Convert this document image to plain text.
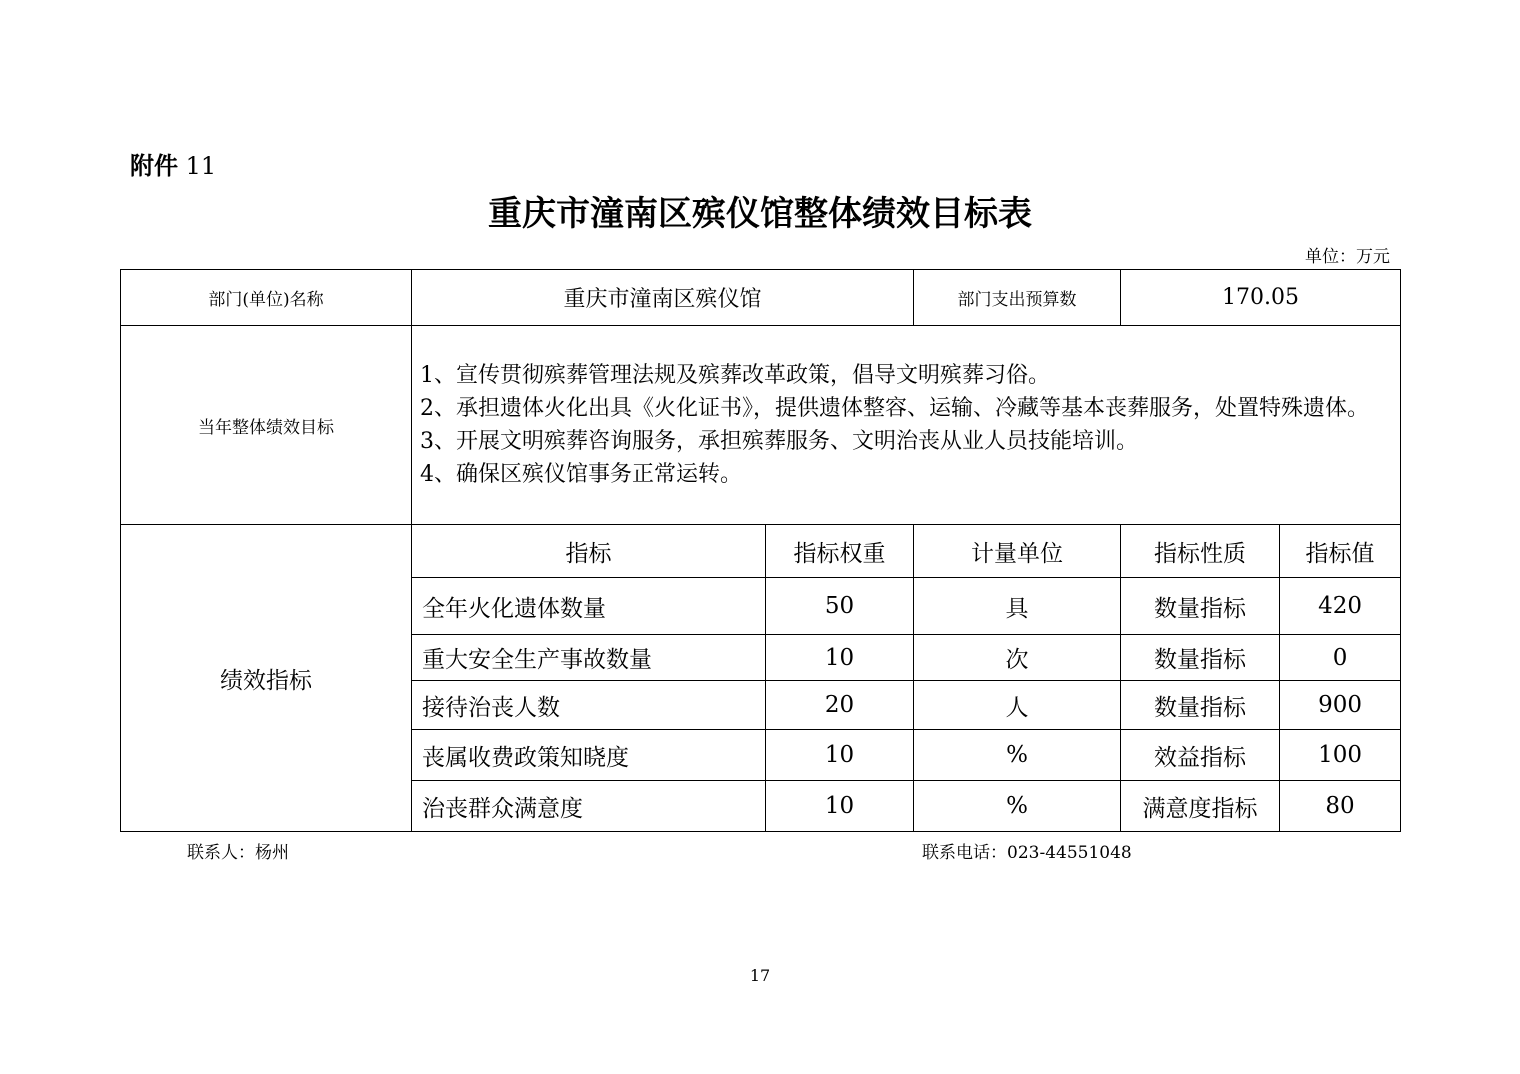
附件 11
重庆市潼南区殡仪馆整体绩效目标表
单位：万元
部门(单位)名称	重庆市潼南区殡仪馆		部门支出预算数	170.05	
当年整体绩效目标	1、宣传贯彻殡葬管理法规及殡葬改革政策，倡导文明殡葬习俗。
2、承担遗体火化出具《火化证书》，提供遗体整容、运输、冷藏等基本丧葬服务，处置特殊遗体。
3、开展文明殡葬咨询服务，承担殡葬服务、文明治丧从业人员技能培训。
4、确保区殡仪馆事务正常运转。				

绩效指标	指标	指标权重	计量单位	指标性质	指标值
	全年火化遗体数量	50	具	数量指标	420
	重大安全生产事故数量	10	次	数量指标	0
	接待治丧人数	20	人	数量指标	900
	丧属收费政策知晓度	10	%	效益指标	100
	治丧群众满意度	10	%	满意度指标	80
联系人：杨州	联系电话：023-44551048
17
